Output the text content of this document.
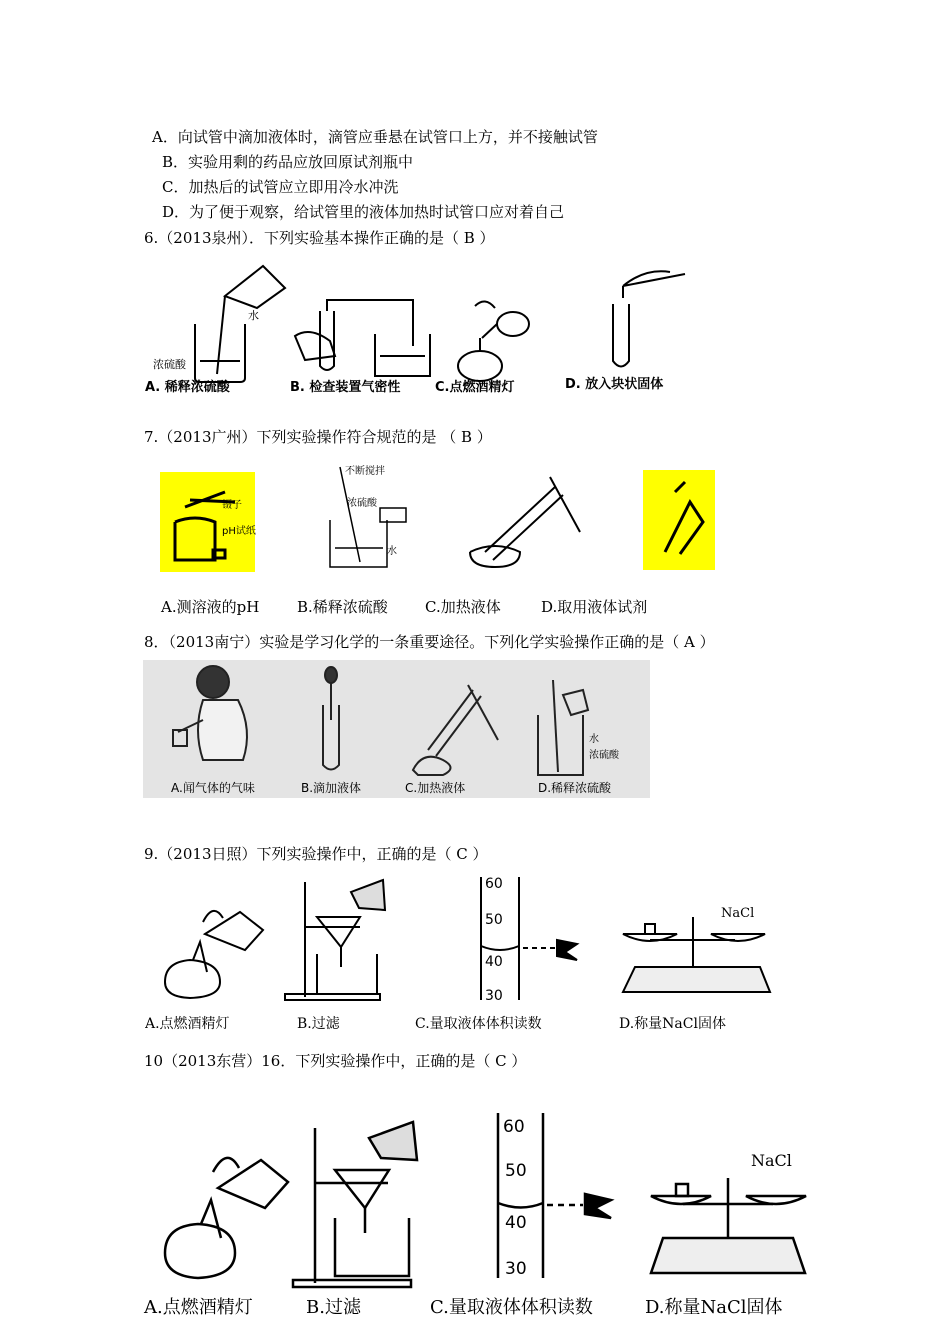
A．向试管中滴加液体时，滴管应垂悬在试管口上方，并不接触试管
B．实验用剩的药品应放回原试剂瓶中
C．加热后的试管应立即用冷水冲洗
D．为了便于观察，给试管里的液体加热时试管口应对着自己
6.（2013泉州）．下列实验基本操作正确的是（ B ）
水
浓硫酸
A. 稀释浓硫酸	B. 检查装置气密性	C.点燃酒精灯	D. 放入块状固体
7.（2013广州）下列实验操作符合规范的是 （ B ）
镊子
pH试纸
不断搅拌
浓硫酸
水
A.测溶液的pH	B.稀释浓硫酸 C.加热液体	D.取用液体试剂
8．（2013南宁）实验是学习化学的一条重要途径。下列化学实验操作正确的是（ A ）
水
浓硫酸
A.闻气体的气味	B.滴加液体	C.加热液体	D.稀释浓硫酸
9.（2013日照）下列实验操作中，正确的是（ C ）
60
50
40
30
NaCl
A.点燃酒精灯	B.过滤	C.量取液体体积读数	D.称量NaCl固体
10（2013东营）16．下列实验操作中，正确的是（ C ）
60
50
40
30
NaCl
A.点燃酒精灯	B.过滤	C.量取液体体积读数	D.称量NaCl固体
